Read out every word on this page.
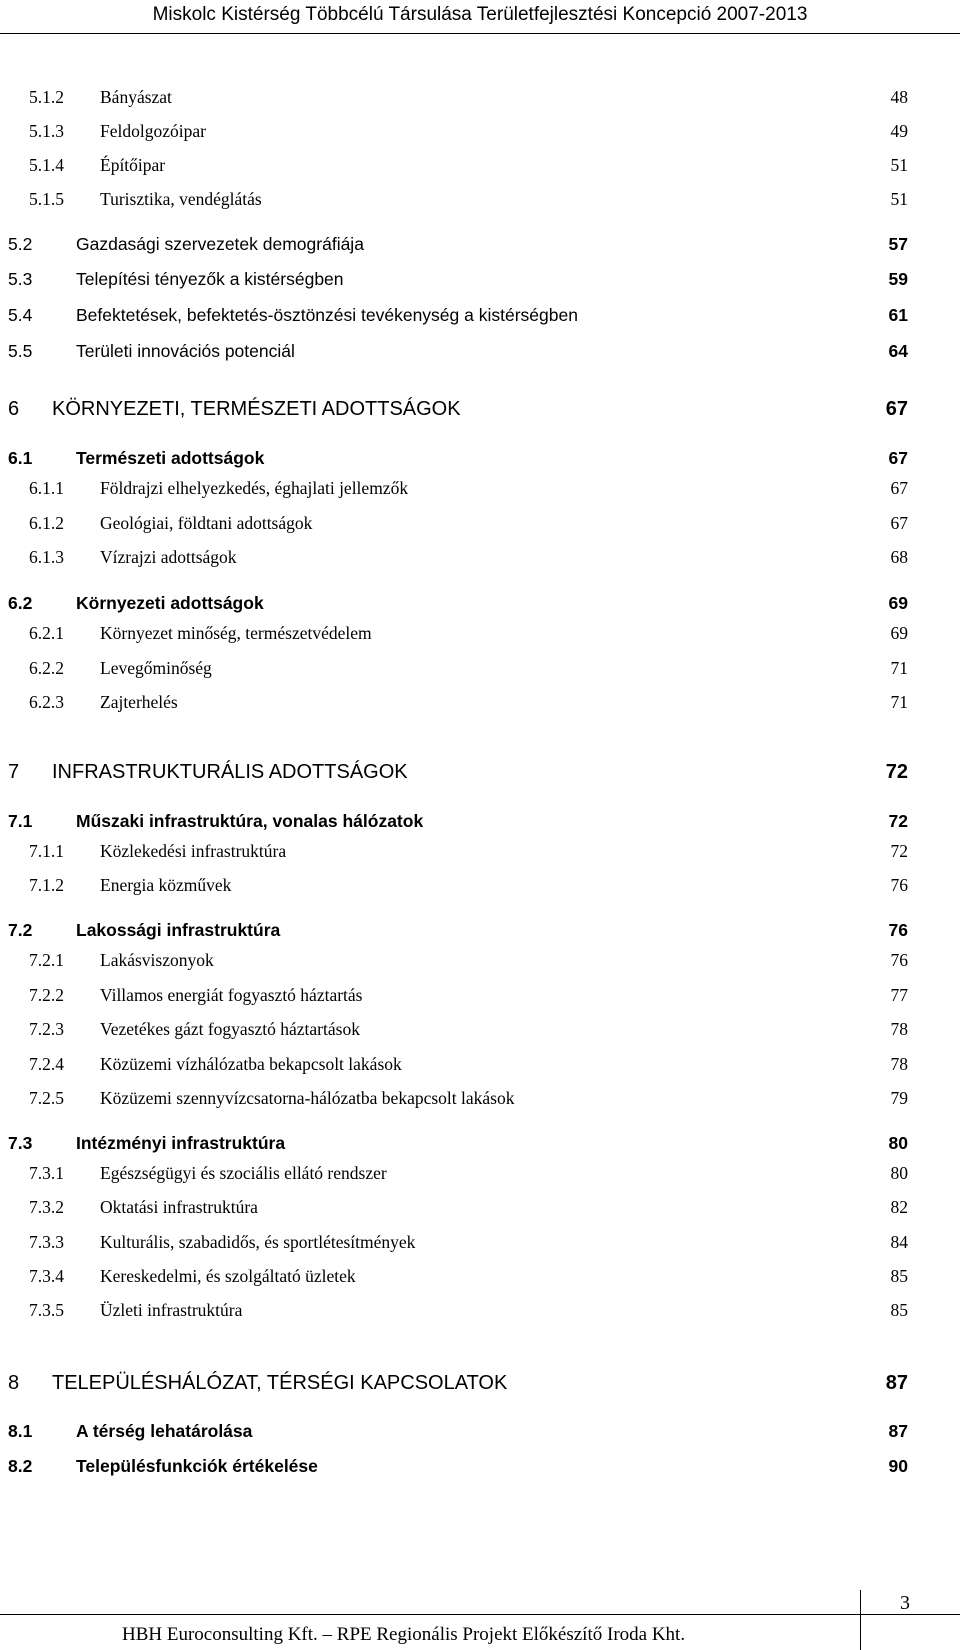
Miskolc Kistérség Többcélú Társulása Területfejlesztési Koncepció 2007-2013
5.1.2 Bányászat	48
5.1.3 Feldolgozóipar	49
5.1.4 Építőipar	51
5.1.5 Turisztika, vendéglátás	51
5.2 Gazdasági szervezetek demográfiája	57
5.3 Telepítési tényezők a kistérségben	59
5.4 Befektetések, befektetés-ösztönzési tevékenység a kistérségben	61
5.5 Területi innovációs potenciál	64
6 KÖRNYEZETI, TERMÉSZETI ADOTTSÁGOK	67
6.1 Természeti adottságok	67
6.1.1 Földrajzi elhelyezkedés, éghajlati jellemzők	67
6.1.2 Geológiai, földtani adottságok	67
6.1.3 Vízrajzi adottságok	68
6.2 Környezeti adottságok	69
6.2.1 Környezet minőség, természetvédelem	69
6.2.2 Levegőminőség	71
6.2.3 Zajterhelés	71
7 INFRASTRUKTURÁLIS ADOTTSÁGOK	72
7.1 Műszaki infrastruktúra, vonalas hálózatok	72
7.1.1 Közlekedési infrastruktúra	72
7.1.2 Energia közművek	76
7.2 Lakossági infrastruktúra	76
7.2.1 Lakásviszonyok	76
7.2.2 Villamos energiát fogyasztó háztartás	77
7.2.3 Vezetékes gázt fogyasztó háztartások	78
7.2.4 Közüzemi vízhálózatba bekapcsolt lakások	78
7.2.5 Közüzemi szennyvízcsatorna-hálózatba bekapcsolt lakások	79
7.3 Intézményi infrastruktúra	80
7.3.1 Egészségügyi és szociális ellátó rendszer	80
7.3.2 Oktatási infrastruktúra	82
7.3.3 Kulturális, szabadidős, és sportlétesítmények	84
7.3.4 Kereskedelmi, és szolgáltató üzletek	85
7.3.5 Üzleti infrastruktúra	85
8 TELEPÜLÉSHÁLÓZAT, TÉRSÉGI KAPCSOLATOK	87
8.1 A térség lehatárolása	87
8.2 Településfunkciók értékelése	90
3
HBH Euroconsulting Kft. – RPE Regionális Projekt Előkészítő Iroda Kht.
